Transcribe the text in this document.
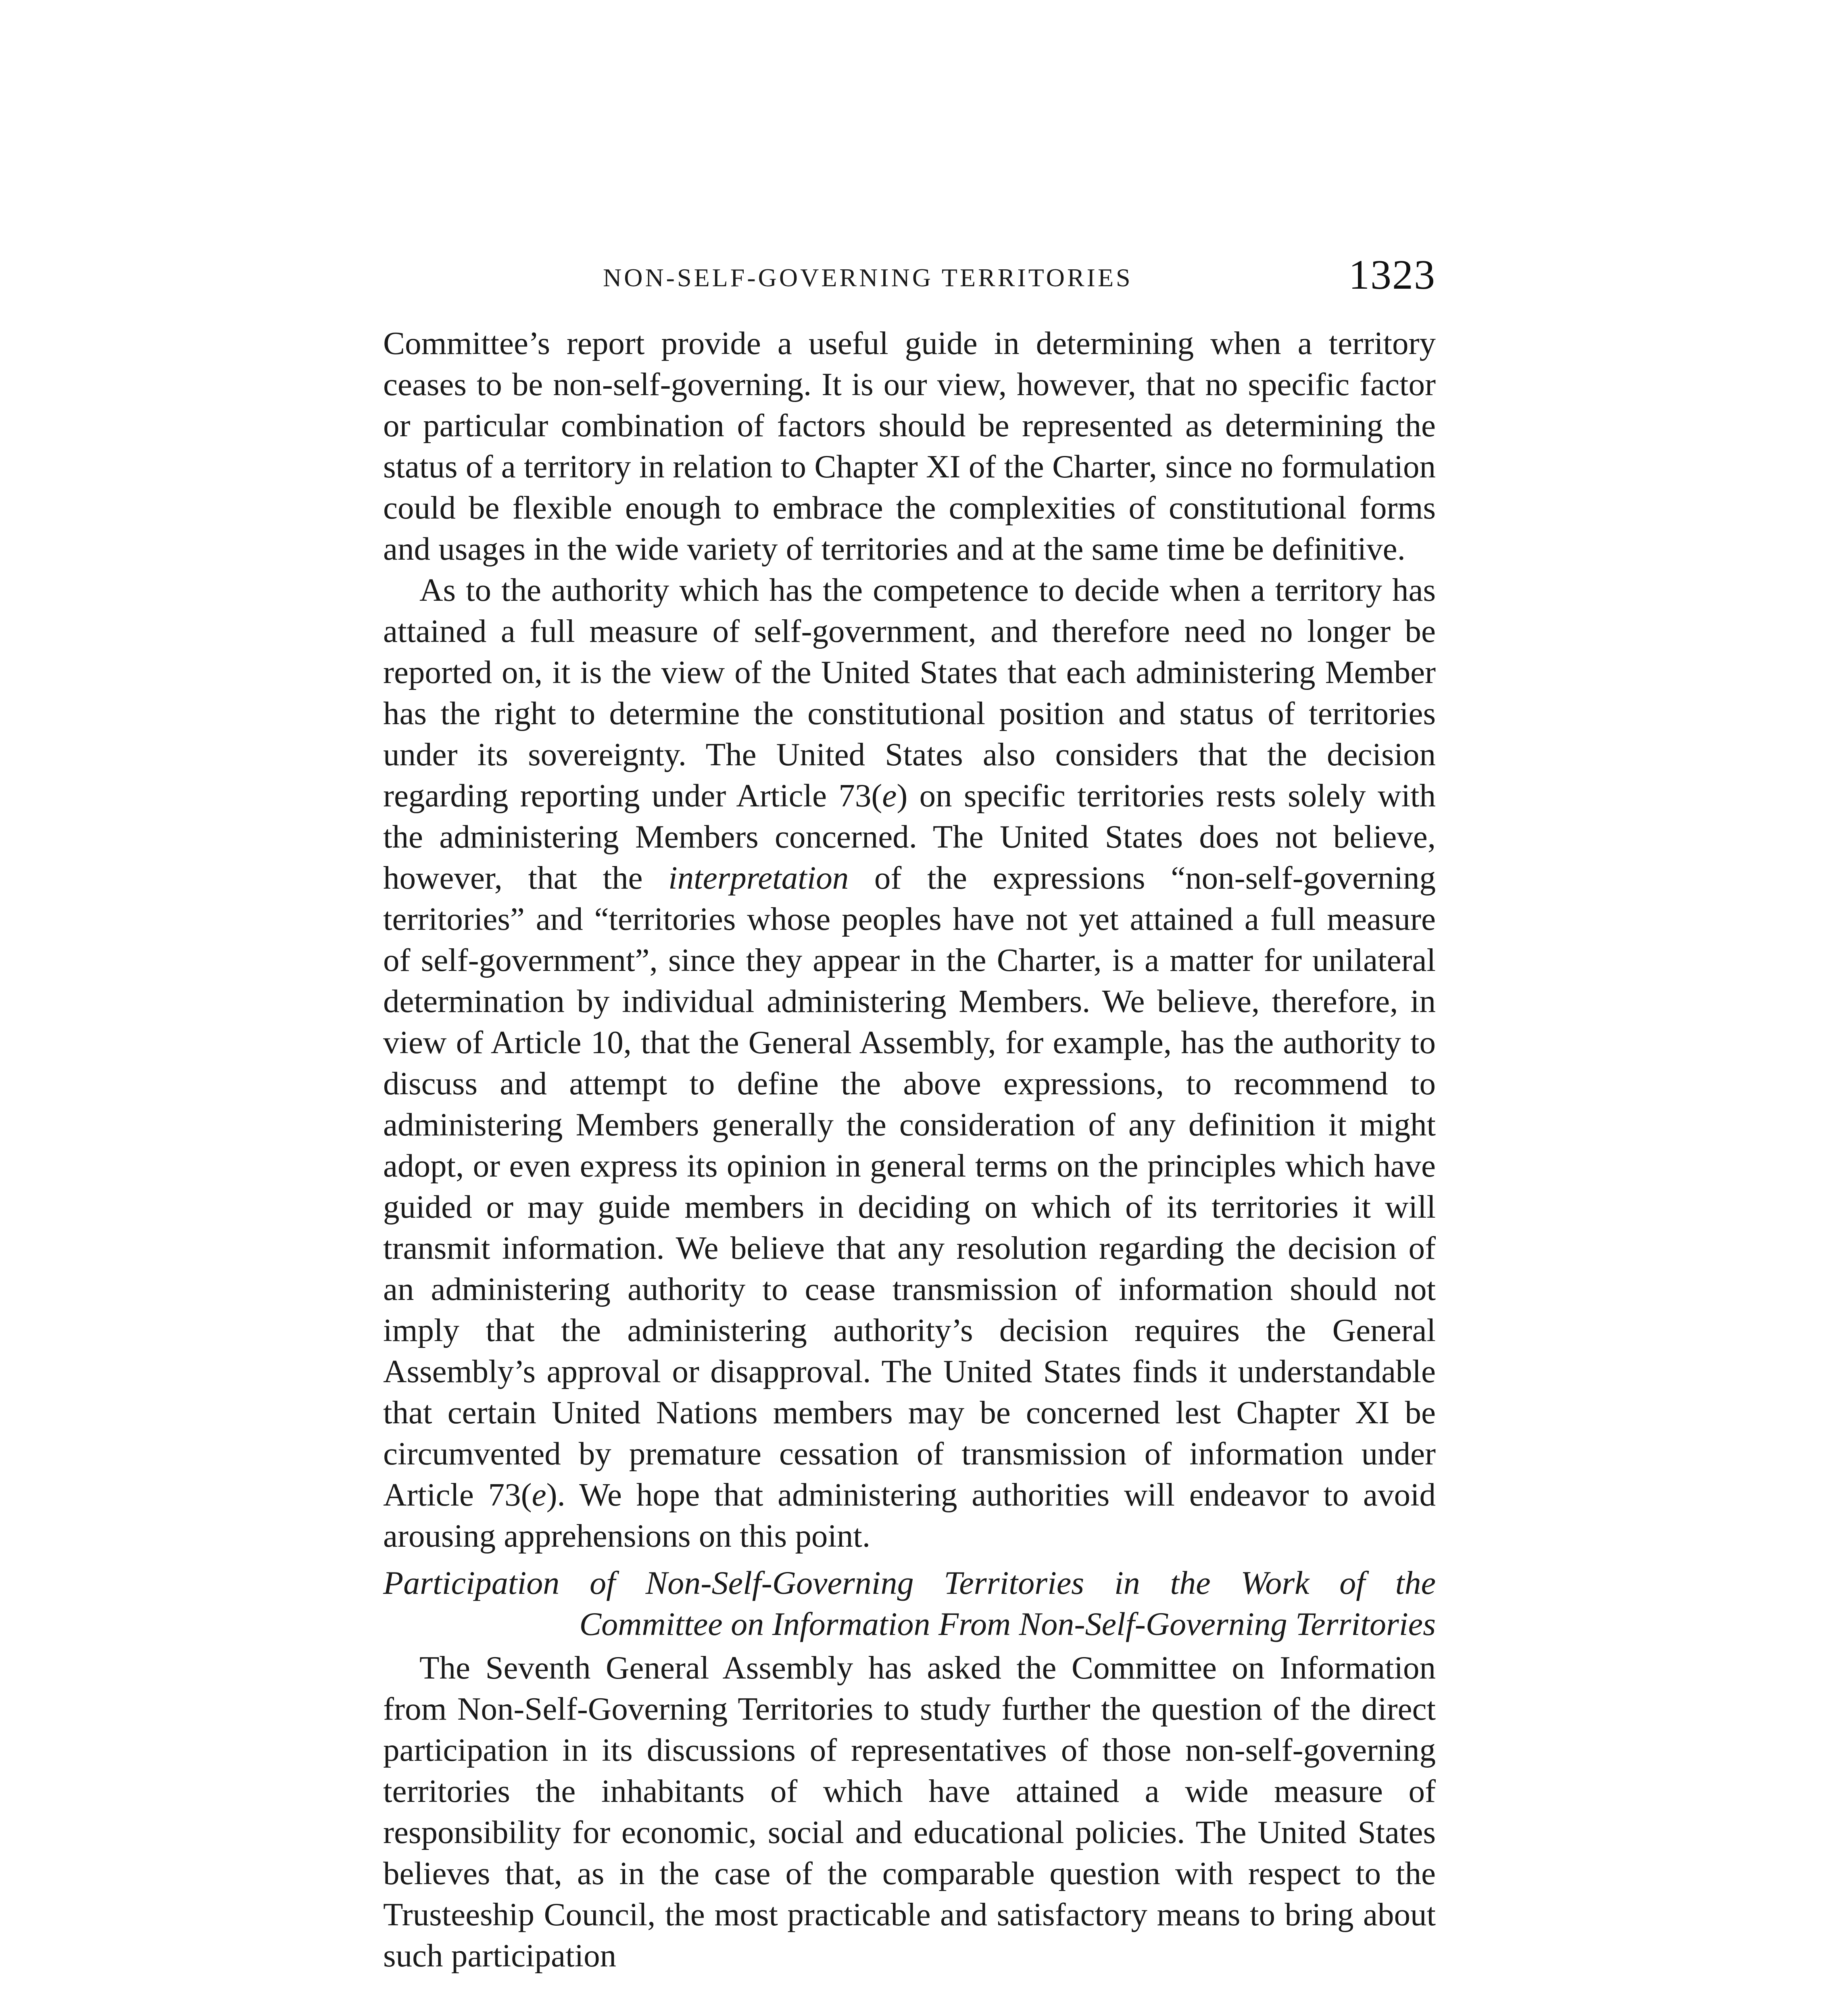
NON-SELF-GOVERNING TERRITORIES	1323

Committee’s report provide a useful guide in determining when a territory ceases to be non-self-governing. It is our view, however, that no specific factor or particular combination of factors should be represented as determining the status of a territory in relation to Chapter XI of the Charter, since no formulation could be flexible enough to embrace the complexities of constitutional forms and usages in the wide variety of territories and at the same time be definitive.

As to the authority which has the competence to decide when a territory has attained a full measure of self-government, and therefore need no longer be reported on, it is the view of the United States that each administering Member has the right to determine the constitutional position and status of territories under its sovereignty. The United States also considers that the decision regarding reporting under Article 73(e) on specific territories rests solely with the administering Members concerned. The United States does not believe, however, that the interpretation of the expressions “non-self-governing territories” and “territories whose peoples have not yet attained a full measure of self-government”, since they appear in the Charter, is a matter for unilateral determination by individual administering Members. We believe, therefore, in view of Article 10, that the General Assembly, for example, has the authority to discuss and attempt to define the above expressions, to recommend to administering Members generally the consideration of any definition it might adopt, or even express its opinion in general terms on the principles which have guided or may guide members in deciding on which of its territories it will transmit information. We believe that any resolution regarding the decision of an administering authority to cease transmission of information should not imply that the administering authority’s decision requires the General Assembly’s approval or disapproval. The United States finds it understandable that certain United Nations members may be concerned lest Chapter XI be circumvented by premature cessation of transmission of information under Article 73(e). We hope that administering authorities will endeavor to avoid arousing apprehensions on this point.

Participation of Non-Self-Governing Territories in the Work of the
Committee on Information From Non-Self-Governing Territories

The Seventh General Assembly has asked the Committee on Information from Non-Self-Governing Territories to study further the question of the direct participation in its discussions of representatives of those non-self-governing territories the inhabitants of which have attained a wide measure of responsibility for economic, social and educational policies. The United States believes that, as in the case of the comparable question with respect to the Trusteeship Council, the most practicable and satisfactory means to bring about such participation
